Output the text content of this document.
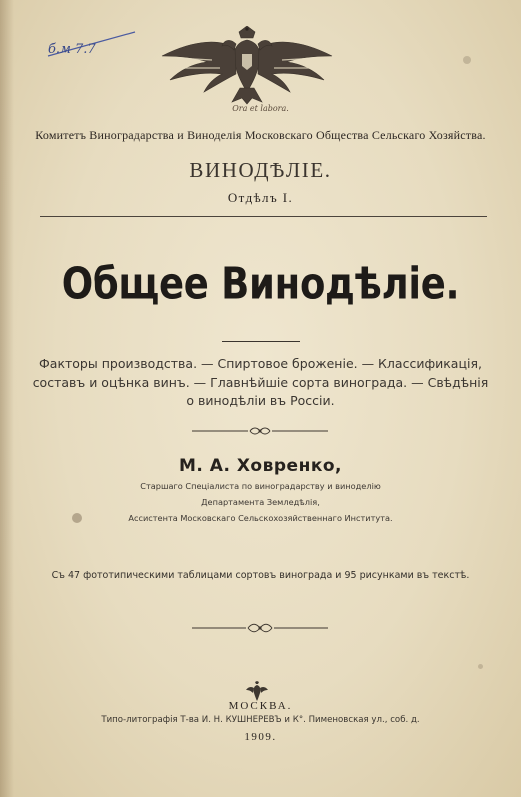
б.м 7.7
Ora et labora.
Комитетъ Виноградарства и Виноделія Московскаго Общества Сельскаго Хозяйства.
ВИНОДѢЛІЕ.
Отдѣлъ I.
Общее Винодѣліе.
Факторы производства. — Спиртовое броженіе. — Классификація,
составъ и оцѣнка винъ. — Главнѣйшіе сорта винограда. — Свѣдѣнія
о винодѣліи въ Россіи.
М. А. Ховренко,
Старшаго Спеціалиста по виноградарству и виноделію
Департамента Земледѣлія,
Ассистента Московскаго Сельскохозяйственнаго Института.
Съ 47 фототипическими таблицами сортовъ винограда и 95 рисунками въ текстѣ.
МОСКВА.
Типо-литографія Т-ва И. Н. КУШНЕРЕВЪ и К°. Пименовская ул., соб. д.
1909.
